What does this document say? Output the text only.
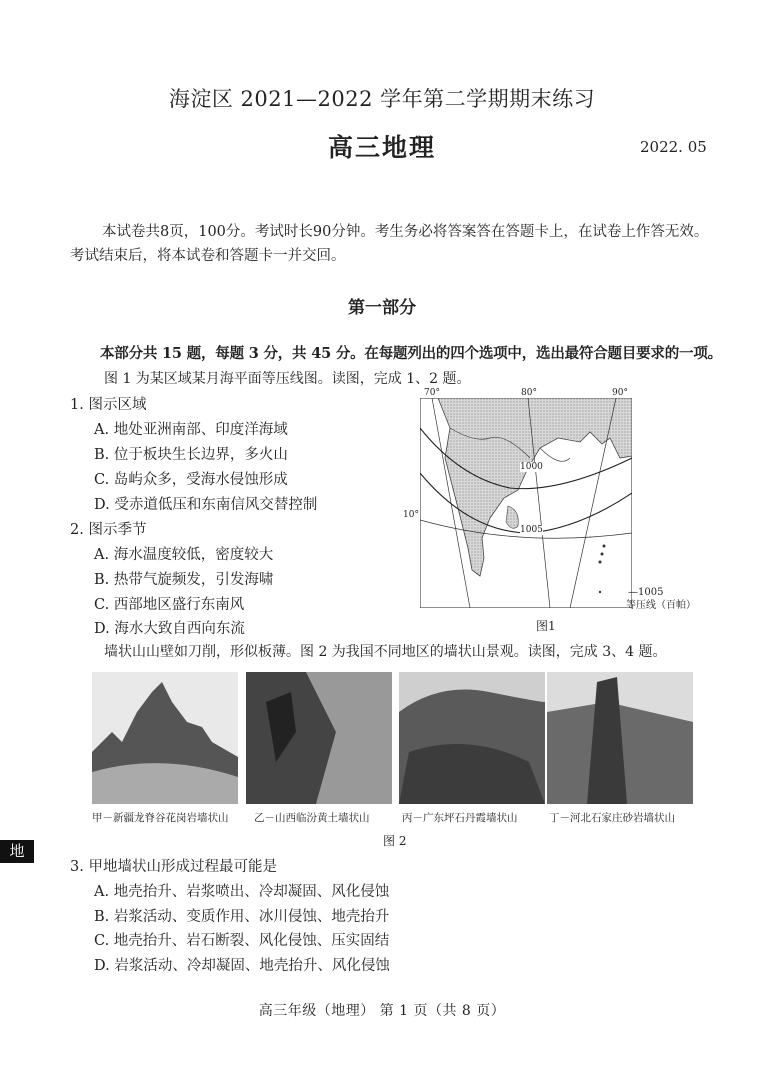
海淀区 2021—2022 学年第二学期期末练习
高三地理	2022. 05
本试卷共8页，100分。考试时长90分钟。考生务必将答案答在答题卡上，在试卷上作答无效。考试结束后，将本试卷和答题卡一并交回。
第一部分
本部分共 15 题，每题 3 分，共 45 分。在每题列出的四个选项中，选出最符合题目要求的一项。
图 1 为某区域某月海平面等压线图。读图，完成 1、2 题。
1. 图示区域
A. 地处亚洲南部、印度洋海域
B. 位于板块生长边界，多火山
C. 岛屿众多，受海水侵蚀形成
D. 受赤道低压和东南信风交替控制
2. 图示季节
A. 海水温度较低，密度较大
B. 热带气旋频发，引发海啸
C. 西部地区盛行东南风
D. 海水大致自西向东流
70°	80°	90°
10°
1000
1005
—1005
等压线（百帕）
图1
墙状山山壁如刀削，形似板薄。图 2 为我国不同地区的墙状山景观。读图，完成 3、4 题。
甲－新疆龙脊谷花岗岩墙状山 乙－山西临汾黄土墙状山	丙－广东坪石丹霞墙状山	丁－河北石家庄砂岩墙状山
图 2
地
3. 甲地墙状山形成过程最可能是
A. 地壳抬升、岩浆喷出、冷却凝固、风化侵蚀
B. 岩浆活动、变质作用、冰川侵蚀、地壳抬升
C. 地壳抬升、岩石断裂、风化侵蚀、压实固结
D. 岩浆活动、冷却凝固、地壳抬升、风化侵蚀
高三年级（地理） 第 1 页（共 8 页）
